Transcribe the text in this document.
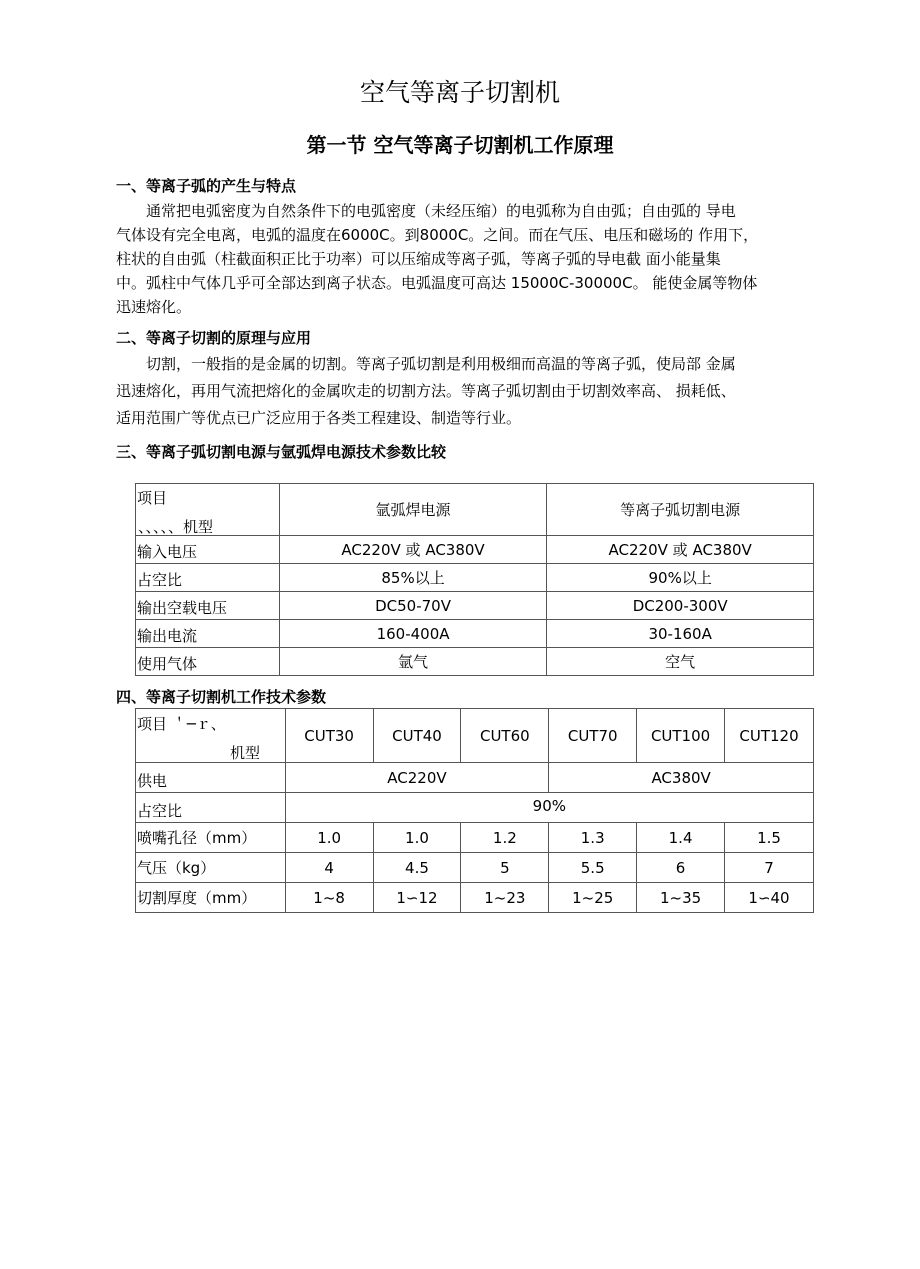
空气等离子切割机
第一节 空气等离子切割机工作原理
一、等离子弧的产生与特点
　　通常把电弧密度为自然条件下的电弧密度（未经压缩）的电弧称为自由弧；自由弧的 导电
气体设有完全电离，电弧的温度在6000C。到8000C。之间。而在气压、电压和磁场的 作用下，
柱状的自由弧（柱截面积正比于功率）可以压缩成等离子弧，等离子弧的导电截 面小能量集
中。弧柱中气体几乎可全部达到离子状态。电弧温度可高达 15000C-30000C。 能使金属等物体
迅速熔化。
二、等离子切割的原理与应用
　　切割，一般指的是金属的切割。等离子弧切割是利用极细而高温的等离子弧，使局部 金属
迅速熔化，再用气流把熔化的金属吹走的切割方法。等离子弧切割由于切割效率高、 损耗低、
适用范围广等优点已广泛应用于各类工程建设、制造等行业。
三、等离子弧切割电源与氩弧焊电源技术参数比较
、、、、、机型
项目	氩弧焊电源	等离子弧切割电源
输入电压	AC220V 或 AC380V	AC220V 或 AC380V
占空比	85%以上	90%以上
输出空载电压	DC50-70V	DC200-300V
输出电流	160-400A	30-160A
使用气体	氩气	空气
四、等离子切割机工作技术参数
机型
项目 ＇─ｒ、	CUT30	CUT40	CUT60	CUT70	CUT100	CUT120
供电	AC220V			AC380V		
占空比	90%					
喷嘴孔径（mm）	1.0	1.0	1.2	1.3	1.4	1.5
气压（kg）	4	4.5	5	5.5	6	7
切割厚度（mm）	1~8	1∽12	1~23	1~25	1~35	1∽40
